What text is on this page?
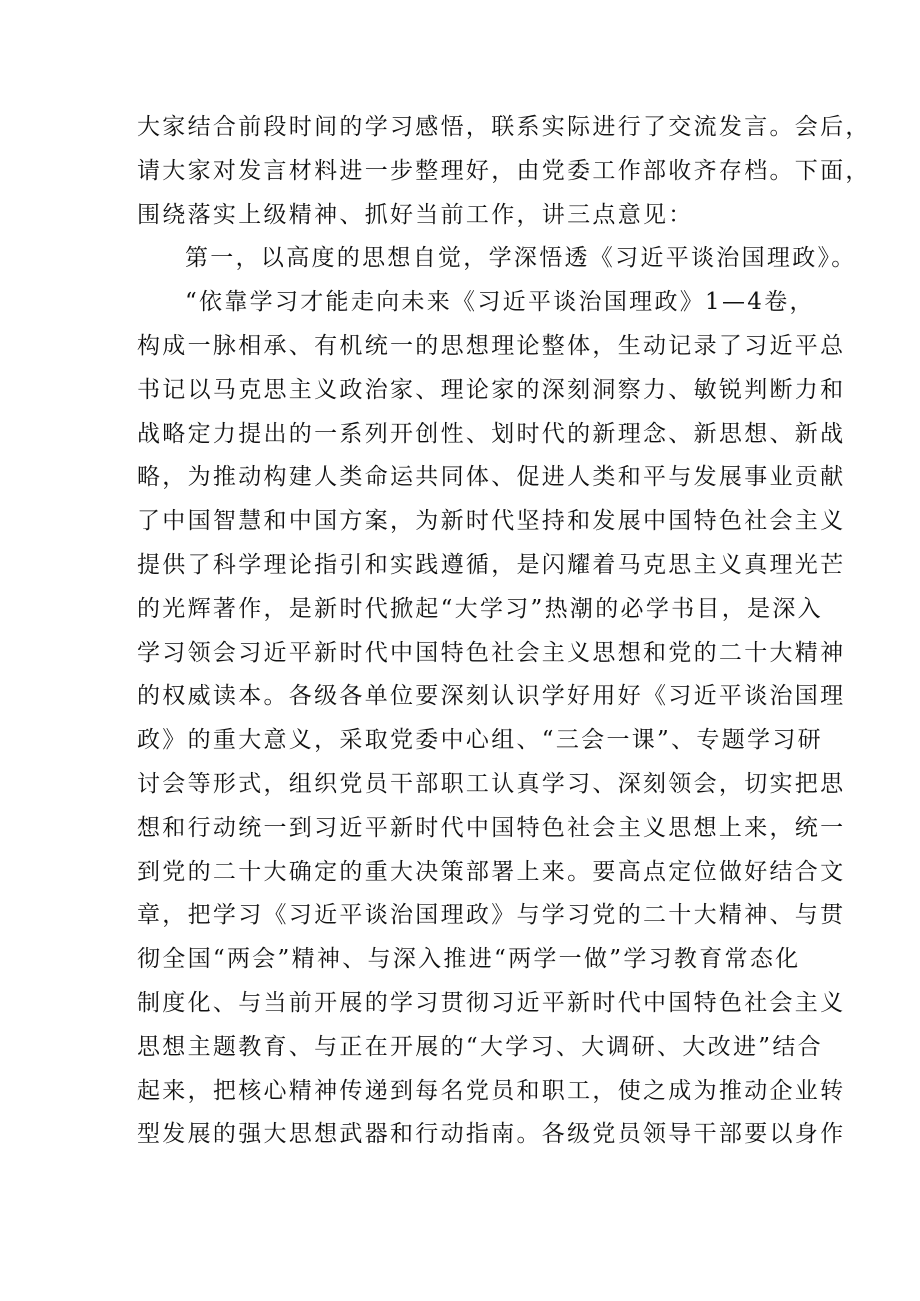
大家结合前段时间的学习感悟，联系实际进行了交流发言。会后，
请大家对发言材料进一步整理好，由党委工作部收齐存档。下面，
围绕落实上级精神、抓好当前工作，讲三点意见：
第一，以高度的思想自觉，学深悟透《习近平谈治国理政》。
“依靠学习才能走向未来《习近平谈治国理政》1—4卷，
构成一脉相承、有机统一的思想理论整体，生动记录了习近平总
书记以马克思主义政治家、理论家的深刻洞察力、敏锐判断力和
战略定力提出的一系列开创性、划时代的新理念、新思想、新战
略，为推动构建人类命运共同体、促进人类和平与发展事业贡献
了中国智慧和中国方案，为新时代坚持和发展中国特色社会主义
提供了科学理论指引和实践遵循，是闪耀着马克思主义真理光芒
的光辉著作，是新时代掀起“大学习”热潮的必学书目，是深入
学习领会习近平新时代中国特色社会主义思想和党的二十大精神
的权威读本。各级各单位要深刻认识学好用好《习近平谈治国理
政》的重大意义，采取党委中心组、“三会一课”、专题学习研
讨会等形式，组织党员干部职工认真学习、深刻领会，切实把思
想和行动统一到习近平新时代中国特色社会主义思想上来，统一
到党的二十大确定的重大决策部署上来。要高点定位做好结合文
章，把学习《习近平谈治国理政》与学习党的二十大精神、与贯
彻全国“两会”精神、与深入推进“两学一做”学习教育常态化
制度化、与当前开展的学习贯彻习近平新时代中国特色社会主义
思想主题教育、与正在开展的“大学习、大调研、大改进”结合
起来，把核心精神传递到每名党员和职工，使之成为推动企业转
型发展的强大思想武器和行动指南。各级党员领导干部要以身作
